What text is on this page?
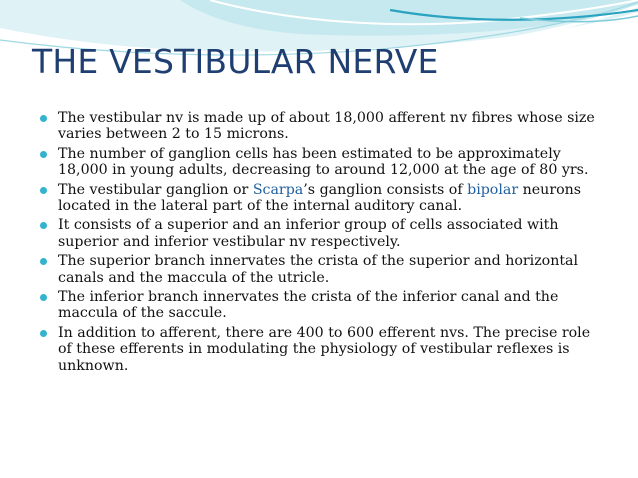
THE VESTIBULAR NERVE
The vestibular nv is made up of about 18,000 afferent nv fibres whose size varies between 2 to 15 microns.
The number of ganglion cells has been estimated to be approximately 18,000 in young adults, decreasing to around 12,000 at the age of 80 yrs.
The vestibular ganglion or Scarpa’s ganglion consists of bipolar neurons located in the lateral part of the internal auditory canal.
It consists of a superior and an inferior group of cells associated with superior and inferior vestibular nv respectively.
The superior branch innervates the crista of the superior and horizontal canals and the maccula of the utricle.
The inferior branch innervates the crista of the inferior canal and the maccula of the saccule.
In addition to afferent, there are 400 to 600 efferent nvs. The precise role of these efferents in modulating the physiology of vestibular reflexes is unknown.
